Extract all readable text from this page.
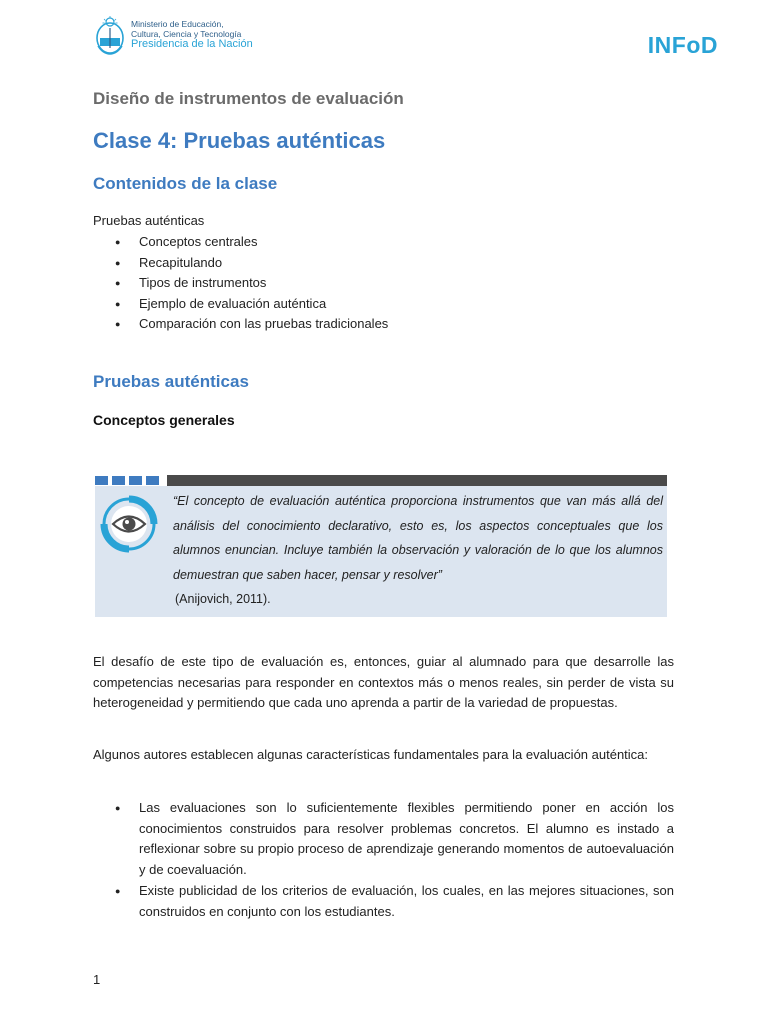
Ministerio de Educación,
Cultura, Ciencia y Tecnología
Presidencia de la Nación	INFoD
Diseño de instrumentos de evaluación
Clase 4: Pruebas auténticas
Contenidos de la clase
Pruebas auténticas
● Conceptos centrales
● Recapitulando
● Tipos de instrumentos
● Ejemplo de evaluación auténtica
● Comparación con las pruebas tradicionales
Pruebas auténticas
Conceptos generales

“El concepto de evaluación auténtica proporciona instrumentos que van más allá del análisis del conocimiento declarativo, esto es, los aspectos conceptuales que los alumnos enuncian. Incluye también la observación y valoración de lo que los alumnos demuestran que saben hacer, pensar y resolver”

(Anijovich, 2011).

El desafío de este tipo de evaluación es, entonces, guiar al alumnado para que desarrolle las competencias necesarias para responder en contextos más o menos reales, sin perder de vista su heterogeneidad y permitiendo que cada uno aprenda a partir de la variedad de propuestas.

Algunos autores establecen algunas características fundamentales para la evaluación auténtica:

● Las evaluaciones son lo suficientemente flexibles permitiendo poner en acción los conocimientos construidos para resolver problemas concretos. El alumno es instado a reflexionar sobre su propio proceso de aprendizaje generando momentos de autoevaluación y de coevaluación.
● Existe publicidad de los criterios de evaluación, los cuales, en las mejores situaciones, son construidos en conjunto con los estudiantes.
1
